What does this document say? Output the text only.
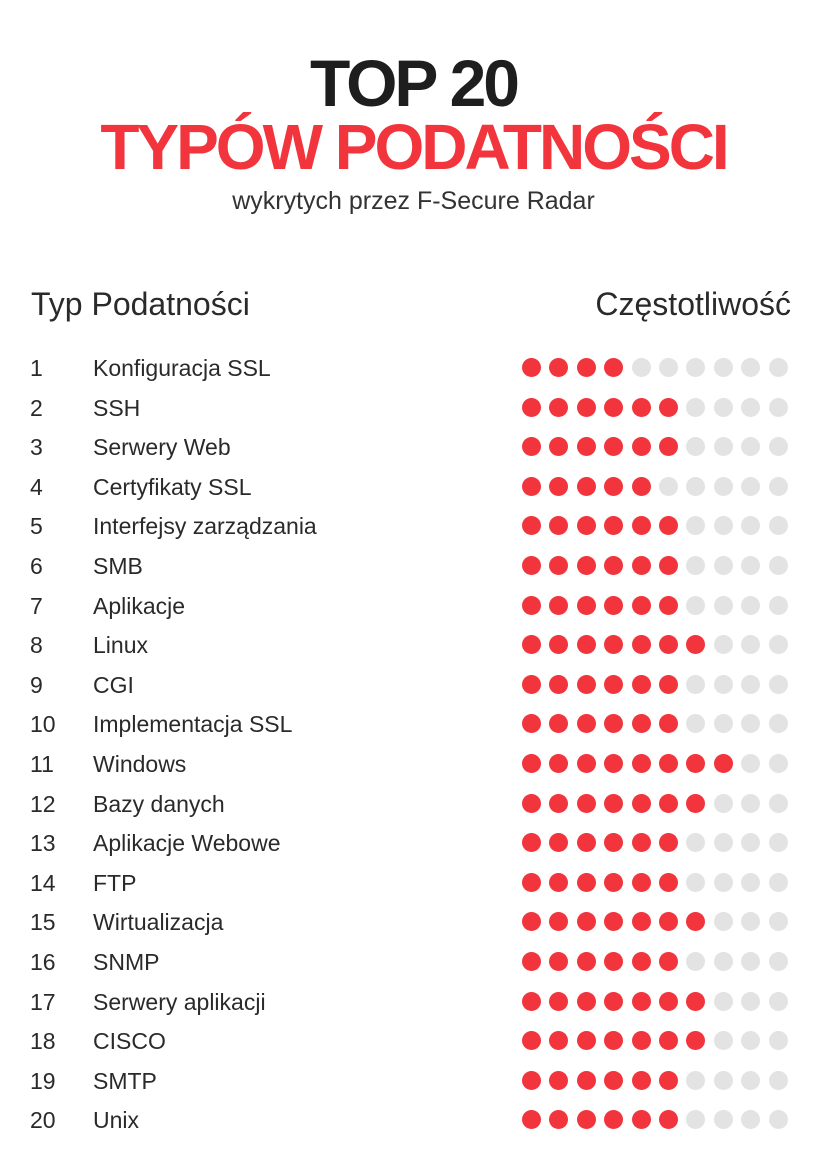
TOP 20
TYPÓW PODATNOŚCI
wykrytych przez F-Secure Radar
Typ Podatności	Częstotliwość
1 Konfiguracja SSL
2 SSH
3 Serwery Web
4 Certyfikaty SSL
5 Interfejsy zarządzania
6 SMB
7 Aplikacje
8 Linux
9 CGI
10 Implementacja SSL
11 Windows
12 Bazy danych
13 Aplikacje Webowe
14 FTP
15 Wirtualizacja
16 SNMP
17 Serwery aplikacji
18 CISCO
19 SMTP
20 Unix
